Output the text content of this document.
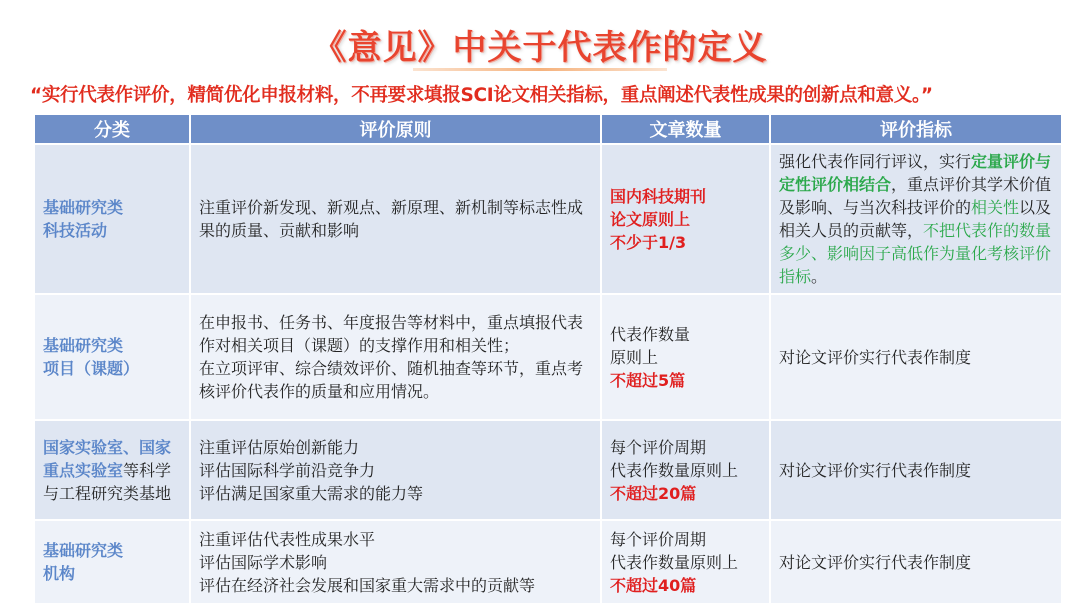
《意见》中关于代表作的定义
“实行代表作评价，精简优化申报材料，不再要求填报SCI论文相关指标，重点阐述代表性成果的创新点和意义。”
分类	评价原则	文章数量	评价指标

基础研究类
科技活动	注重评价新发现、新观点、新原理、新机制等标志性成果的质量、贡献和影响	国内科技期刊
论文原则上
不少于1/3	强化代表作同行评议，实行定量评价与定性评价相结合，重点评价其学术价值及影响、与当次科技评价的相关性以及相关人员的贡献等，不把代表作的数量多少、影响因子高低作为量化考核评价指标。

基础研究类
项目（课题）	在申报书、任务书、年度报告等材料中，重点填报代表作对相关项目（课题）的支撑作用和相关性；
在立项评审、综合绩效评价、随机抽查等环节，重点考核评价代表作的质量和应用情况。	代表作数量
原则上
不超过5篇	对论文评价实行代表作制度
国家实验室、国家重点实验室等科学与工程研究类基地	注重评估原始创新能力
评估国际科学前沿竞争力
评估满足国家重大需求的能力等	每个评价周期
代表作数量原则上
不超过20篇	对论文评价实行代表作制度

基础研究类
机构	注重评估代表性成果水平
评估国际学术影响
评估在经济社会发展和国家重大需求中的贡献等	每个评价周期
代表作数量原则上
不超过40篇	对论文评价实行代表作制度
